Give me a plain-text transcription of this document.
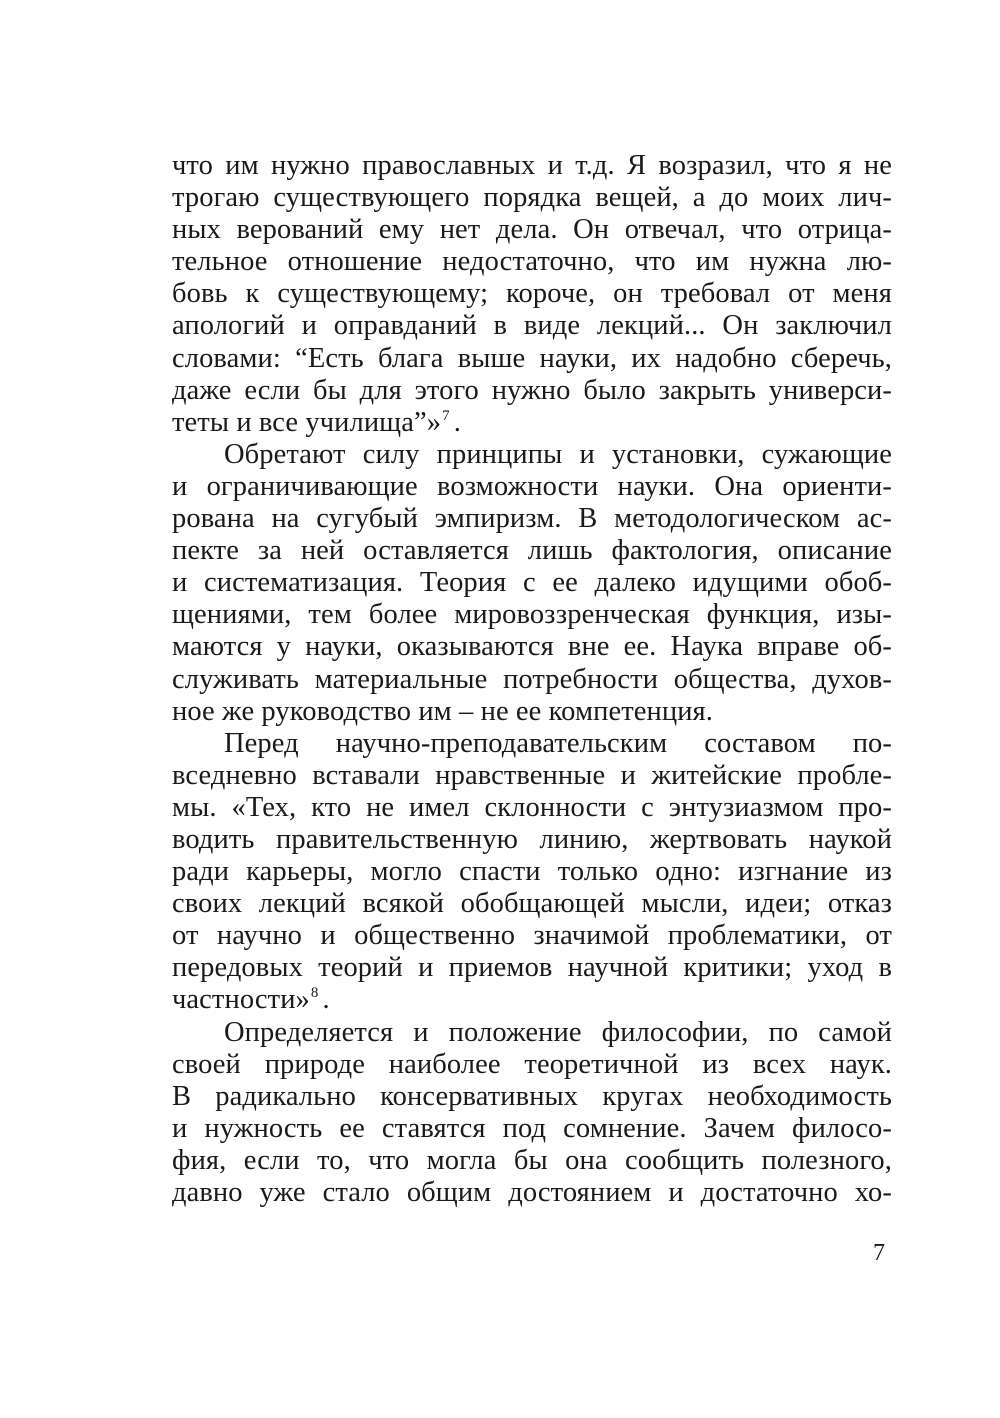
что им нужно православных и т.д. Я возразил, что я не
трогаю существующего порядка вещей, а до моих лич-
ных верований ему нет дела. Он отвечал, что отрица-
тельное отношение недостаточно, что им нужна лю-
бовь к существующему; короче, он требовал от меня
апологий и оправданий в виде лекций... Он заключил
словами: “Есть блага выше науки, их надобно сберечь,
даже если бы для этого нужно было закрыть универси-
теты и все училища”»$^7$ .
Обретают силу принципы и установки, сужающие
и ограничивающие возможности науки. Она ориенти-
рована на сугубый эмпиризм. В методологическом ас-
пекте за ней оставляется лишь фактология, описание
и систематизация. Теория с ее далеко идущими обоб-
щениями, тем более мировоззренческая функция, изы-
маются у науки, оказываются вне ее. Наука вправе об-
служивать материальные потребности общества, духов-
ное же руководство им – не ее компетенция.
Перед научно-преподавательским составом по-
вседневно вставали нравственные и житейские пробле-
мы. «Тех, кто не имел склонности с энтузиазмом про-
водить правительственную линию, жертвовать наукой
ради карьеры, могло спасти только одно: изгнание из
своих лекций всякой обобщающей мысли, идеи; отказ
от научно и общественно значимой проблематики, от
передовых теорий и приемов научной критики; уход в
частности»$^8$ .
Определяется и положение философии, по самой
своей природе наиболее теоретичной из всех наук.
В радикально консервативных кругах необходимость
и нужность ее ставятся под сомнение. Зачем филосо-
фия, если то, что могла бы она сообщить полезного,
давно уже стало общим достоянием и достаточно хо-
7
